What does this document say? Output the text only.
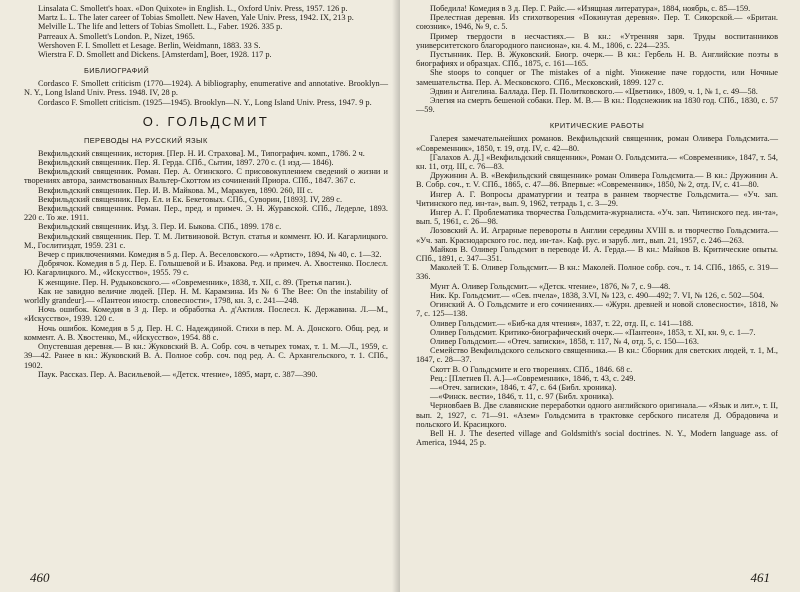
Linsalata C. Smollett's hoax. «Don Quixote» in English. L., Oxford Univ. Press, 1957. 126 p.

Martz L. L. The later career of Tobias Smollett. New Haven, Yale Univ. Press, 1942. IX, 213 p.

Melville L. The life and letters of Tobias Smollett. L., Faber. 1926. 335 p.

Parreaux A. Smollett's London. P., Nizet, 1965.

Wershoven F. I. Smollett et Lesage. Berlin, Weidmann, 1883. 33 S.

Wierstra F. D. Smollett and Dickens. [Amsterdam], Boer, 1928. 117 p.

БИБЛИОГРАФИЙ

Cordasco F. Smollett criticism (1770—1924). A bibliography, enumerative and annotative. Brooklyn—N. Y., Long Island Univ. Press. 1948. IV, 28 p.

Cordasco F. Smollett criticism. (1925—1945). Brooklyn—N. Y., Long Island Univ. Press, 1947. 9 p.

О. ГОЛЬДСМИТ
ПЕРЕВОДЫ НА РУССКИЙ ЯЗЫК

Векфильдский священник, история. [Пер. Н. И. Страхова]. М., Типографич. комп., 1786. 2 ч.

Векфильдский священник. Пер. Я. Герда. СПб., Сытин, 1897. 270 с. (1 изд.— 1846).

Векфильдский священник. Роман. Пер. А. Огинского. С присовокуплением сведений о жизни и творениях автора, заимствованных Вальтер-Скоттом из сочинений Приора. СПб., 1847. 367 с.

Векфильдский священник. Пер. И. В. Майкова. М., Маракуев, 1890. 260, III с.

Векфильдский священник. Пер. Ел. и Ек. Бекетовых. СПб., Суворин, [1893]. IV, 289 с.

Векфильдский священник. Роман. Пер., пред. и примеч. Э. Н. Журавской. СПб., Ледерле, 1893. 220 с. То же. 1911.

Векфильдский священник. Изд. 3. Пер. И. Быкова. СПб., 1899. 178 с.

Векфильдский священник. Пер. Т. М. Литвиновой. Вступ. статья и коммент. Ю. И. Кагарлицкого. М., Гослитиздат, 1959. 231 с.

Вечер с приключениями. Комедия в 5 д. Пер. А. Веселовского.— «Артист», 1894, № 40, с. 1—32.

Добрячок. Комедия в 5 д. Пер. Е. Голышевой и Б. Изакова. Ред. и примеч. А. Хвостенко. Послесл. Ю. Кагарлицкого. М., «Искусство», 1955. 79 с.

К женщине. Пер. Н. Рудыковского.— «Современник», 1838, т. XII, с. 89. (Третья пагин.).

Как не завидно величие людей. [Пер. Н. М. Карамзина. Из № 6 The Bee: On the instability of worldly grandeur].— «Пантеон иностр. словесности», 1798, кн. 3, с. 241—248.

Ночь ошибок. Комедия в 3 д. Пер. и обработка А. д'Актиля. Послесл. К. Державина. Л.—М., «Искусство», 1939. 120 с.

Ночь ошибок. Комедия в 5 д. Пер. Н. С. Надеждиной. Стихи в пер. М. А. Донского. Общ. ред. и коммент. А. В. Хвостенко, М., «Искусство», 1954. 88 с.

Опустевшая деревня.— В кн.: Жуковский В. А. Собр. соч. в четырех томах, т. 1. М.—Л., 1959, с. 39—42. Ранее в кн.: Жуковский В. А. Полное собр. соч. под ред. А. С. Архангельского, т. 1. СПб., 1902.

Паук. Рассказ. Пер. А. Васильевой.— «Детск. чтение», 1895, март, с. 387—390.

460

Победила! Комедия в 3 д. Пер. Г. Райс.— «Изящная литература», 1884, ноябрь, с. 85—159.

Прелестная деревня. Из стихотворения «Покинутая деревня». Пер. Т. Сикорской.— «Британ. союзник», 1946, № 9, с. 5.

Пример твердости в несчастиях.— В кн.: «Утренняя заря. Труды воспитанников университетского благородного пансиона», кн. 4. М., 1806, с. 224—235.

Пустынник. Пер. В. Жуковский. Биогр. очерк.— В кн.: Гербель Н. В. Английские поэты в биографиях и образцах. СПб., 1875, с. 161—165.

She stoops to conquer or The mistakes of a night. Унижение паче гордости, или Ночные замешательства. Пер. А. Месковского. СПб., Месковский, 1899. 127 с.

Эдвин и Ангелина. Баллада. Пер. П. Политковского.— «Цветник», 1809, ч. 1, № 1, с. 49—58.

Элегия на смерть бешеной собаки. Пер. М. В.— В кн.: Подснежник на 1830 год. СПб., 1830, с. 57—59.

КРИТИЧЕСКИЕ РАБОТЫ

Галерея замечательнейших романов. Векфильдский священник, роман Оливера Гольдсмита.— «Современник», 1850, т. 19, отд. IV, с. 42—80.

[Галахов А. Д.] «Векфильдский священник», Роман О. Гольдсмита.— «Современник», 1847, т. 54, кн. 11, отд. III, с. 76—83.

Дружинин А. В. «Векфильдский священник» роман Оливера Гольдсмита.— В кн.: Дружинин А. В. Собр. соч., т. V. СПб., 1865, с. 47—86. Впервые: «Современник», 1850, № 2, отд. IV, с. 41—80.

Ингер А. Г. Вопросы драматургии и театра в раннем творчестве Гольдсмита.— «Уч. зап. Читинского пед. ин-та», вып. 9, 1962, тетрадь 1, с. 3—29.

Ингер А. Г. Проблематика творчества Гольдсмита-журналиста. «Уч. зап. Читинского пед. ин-та», вып. 5, 1961, с. 26—98.

Лозовский А. И. Аграрные перевороты в Англии середины XVIII в. и творчество Гольдсмита.— «Уч. зап. Краснодарского гос. пед. ин-та». Каф. рус. и заруб. лит., вып. 21, 1957, с. 246—263.

Майков В. Оливер Гольдсмит в переводе И. А. Герда.— В кн.: Майков В. Критические опыты. СПб., 1891, с. 347—351.

Маколей Т. Б. Оливер Гольдсмит.— В кн.: Маколей. Полное собр. соч., т. 14. СПб., 1865, с. 319—336.

Мунт А. Оливер Гольдсмит.— «Детск. чтение», 1876, № 7, с. 9—48.

Ник. Кр. Гольдсмит.— «Сев. пчела», 1838, 3.VI, № 123, с. 490—492; 7. VI, № 126, с. 502—504.

Огинский А. О Гольдсмите и его сочинениях.— «Журн. древней и новой словесности», 1818, № 7, с. 125—138.

Оливер Гольдсмит.— «Биб-ка для чтения», 1837, т. 22, отд. II, с. 141—188.

Оливер Гольдсмит. Критико-биографический очерк.— «Пантеон», 1853, т. XI, кн. 9, с. 1—7.

Оливер Гольдсмит.— «Отеч. записки», 1858, т. 117, № 4, отд. 5, с. 150—163.

Семейство Векфильдского сельского священника.— В кн.: Сборник для светских людей, т. 1, М., 1847, с. 28—37.

Скотт В. О Гольдсмите и его творениях. СПб., 1846. 68 с.

Рец.: [Плетнев П. А.]—«Современник», 1846, т. 43, с. 249.

—«Отеч. записки», 1846, т. 47, с. 64 (Библ. хроника).

—«Финск. вести», 1846, т. 11, с. 97 (Библ. хроника).

Черновбаев В. Две славянские переработки одного английского оригинала.— «Язык и лит.», т. II, вып. 2, 1927, с. 71—91. «Азем» Гольдсмита в трактовке сербского писателя Д. Обрадовича и польского И. Красицкого.

Bell H. J. The deserted village and Goldsmith's social doctrines. N. Y., Modern language ass. of America, 1944, 25 p.

461
